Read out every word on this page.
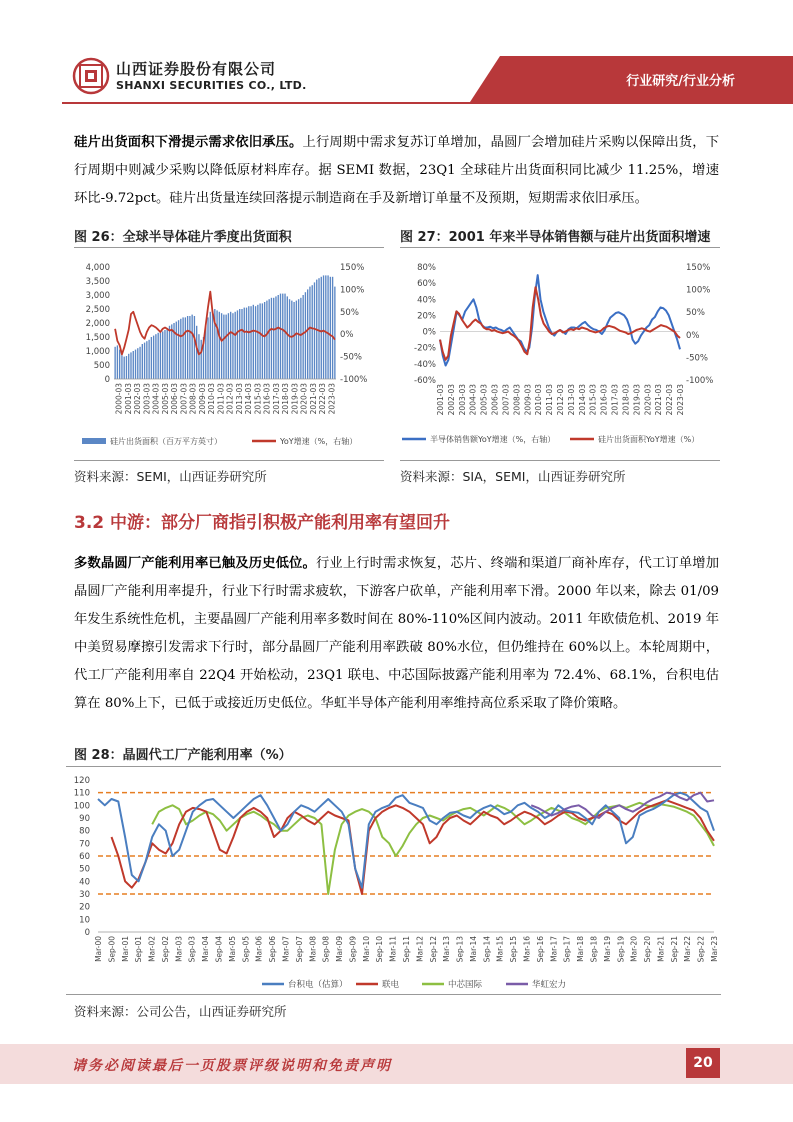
山西证券股份有限公司
SHANXI SECURITIES CO., LTD.	行业研究/行业分析
硅片出货面积下滑提示需求依旧承压。上行周期中需求复苏订单增加，晶圆厂会增加硅片采购以保障出货，下行周期中则减少采购以降低原材料库存。据 SEMI 数据，23Q1 全球硅片出货面积同比减少 11.25%，增速环比-9.72pct。硅片出货量连续回落提示制造商在手及新增订单量不及预期，短期需求依旧承压。
图 26：全球半导体硅片季度出货面积
4,000
3,500
3,000
2,500
2,000
1,500
1,000
500
0
150%
100%
50%
0%
-50%
-100%
2000-03 2001-03 2002-03 2003-03 2004-03 2005-03 2006-03 2007-03 2008-03 2009-03 2010-03 2011-03 2012-03 2013-03 2014-03 2015-03 2016-03 2017-03 2018-03 2019-03 2020-03 2021-03 2022-03 2023-03
硅片出货面积（百万平方英寸）	YoY增速（%，右轴）
资料来源：SEMI，山西证券研究所
图 27：2001 年来半导体销售额与硅片出货面积增速
80%
60%
40%
20%
0%
-20%
-40%
-60%
150%
100%
50%
0%
-50%
-100%
2001-03 2002-03 2003-03 2004-03 2005-03 2006-03 2007-03 2008-03 2009-03 2010-03 2011-03 2012-03 2013-03 2014-03 2015-03 2016-03 2017-03 2018-03 2019-03 2020-03 2021-03 2022-03 2023-03
半导体销售额YoY增速（%，右轴）	硅片出货面积YoY增速（%）
资料来源：SIA，SEMI，山西证券研究所
3.2 中游：部分厂商指引积极产能利用率有望回升
多数晶圆厂产能利用率已触及历史低位。行业上行时需求恢复，芯片、终端和渠道厂商补库存，代工订单增加晶圆厂产能利用率提升，行业下行时需求疲软，下游客户砍单，产能利用率下滑。2000 年以来，除去 01/09 年发生系统性危机，主要晶圆厂产能利用率多数时间在 80%-110%区间内波动。2011 年欧债危机、2019 年中美贸易摩擦引发需求下行时，部分晶圆厂产能利用率跌破 80%水位，但仍维持在 60%以上。本轮周期中，代工厂产能利用率自 22Q4 开始松动，23Q1 联电、中芯国际披露产能利用率为 72.4%、68.1%，台积电估算在 80%上下，已低于或接近历史低位。华虹半导体产能利用率维持高位系采取了降价策略。
图 28：晶圆代工厂产能利用率（%）
120
110
100
90
80
70
60
50
40
30
20
10
0
Mar-00 Sep-00 Mar-01 Sep-01 Mar-02 Sep-02 Mar-03 Sep-03 Mar-04 Sep-04 Mar-05 Sep-05 Mar-06 Sep-06 Mar-07 Sep-07 Mar-08 Sep-08 Mar-09 Sep-09 Mar-10 Sep-10 Mar-11 Sep-11 Mar-12 Sep-12 Mar-13 Sep-13 Mar-14 Sep-14 Mar-15 Sep-15 Mar-16 Sep-16 Mar-17 Sep-17 Mar-18 Sep-18 Mar-19 Sep-19 Mar-20 Sep-20 Mar-21 Sep-21 Mar-22 Sep-22 Mar-23
台积电（估算）	联电	中芯国际	华虹宏力
资料来源：公司公告，山西证券研究所
请务必阅读最后一页股票评级说明和免责声明	20
